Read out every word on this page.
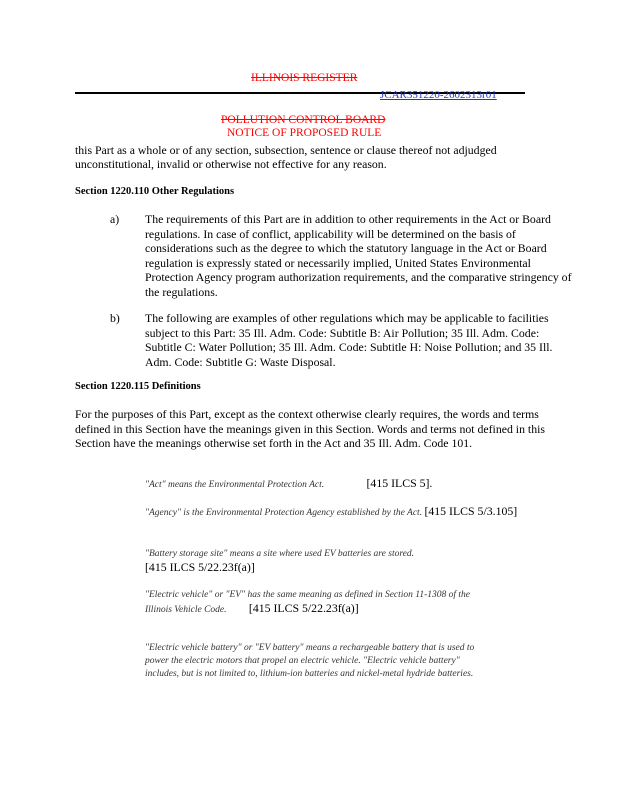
ILLINOIS REGISTER
JCAR351220-2602313r01
POLLUTION CONTROL BOARD
NOTICE OF PROPOSED RULE
this Part as a whole or of any section, subsection, sentence or clause thereof not adjudged
unconstitutional, invalid or otherwise not effective for any reason.
Section 1220.110 Other Regulations
a) The requirements of this Part are in addition to other requirements in the Act or Board regulations. In case of conflict, applicability will be determined on the basis of considerations such as the degree to which the statutory language in the Act or Board regulation is expressly stated or necessarily implied, United States Environmental Protection Agency program authorization requirements, and the comparative stringency of the regulations.
b) The following are examples of other regulations which may be applicable to facilities subject to this Part: 35 Ill. Adm. Code: Subtitle B: Air Pollution; 35 Ill. Adm. Code: Subtitle C: Water Pollution; 35 Ill. Adm. Code: Subtitle H: Noise Pollution; and 35 Ill. Adm. Code: Subtitle G: Waste Disposal.
Section 1220.115 Definitions
For the purposes of this Part, except as the context otherwise clearly requires, the words and terms defined in this Section have the meanings given in this Section. Words and terms not defined in this Section have the meanings otherwise set forth in the Act and 35 Ill. Adm. Code 101.
"Act" means the Environmental Protection Act.	[415 ILCS 5].
"Agency" is the Environmental Protection Agency established by the Act. [415 ILCS 5/3.105]
"Battery storage site" means a site where used EV batteries are stored.
[415 ILCS 5/22.23f(a)]
"Electric vehicle" or "EV" has the same meaning as defined in Section 11-1308 of the Illinois Vehicle Code. [415 ILCS 5/22.23f(a)]
"Electric vehicle battery" or "EV battery" means a rechargeable battery that is used to power the electric motors that propel an electric vehicle. "Electric vehicle battery" includes, but is not limited to, lithium-ion batteries and nickel-metal hydride batteries.
